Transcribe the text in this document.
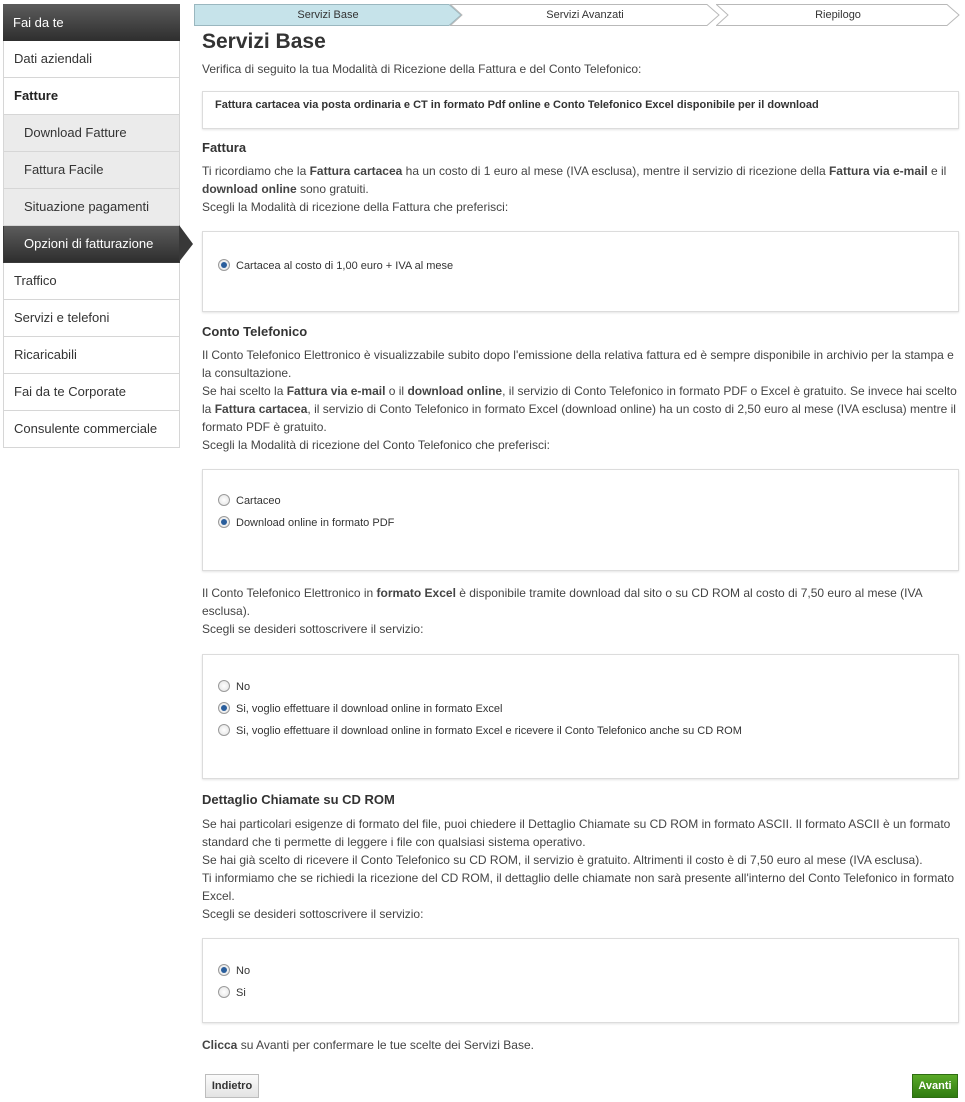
Fai da te
Dati aziendali
Fatture
Download Fatture
Fattura Facile
Situazione pagamenti
Opzioni di fatturazione
Traffico
Servizi e telefoni
Ricaricabili
Fai da te Corporate
Consulente commerciale
Servizi Base	Servizi Avanzati	Riepilogo
Servizi Base

Verifica di seguito la tua Modalità di Ricezione della Fattura e del Conto Telefonico:

Fattura cartacea via posta ordinaria e CT in formato Pdf online e Conto Telefonico Excel disponibile per il download
Fattura

Ti ricordiamo che la Fattura cartacea ha un costo di 1 euro al mese (IVA esclusa), mentre il servizio di ricezione della Fattura via e-mail e il download online sono gratuiti.

Scegli la Modalità di ricezione della Fattura che preferisci:

Cartacea al costo di 1,00 euro + IVA al mese
Conto Telefonico

Il Conto Telefonico Elettronico è visualizzabile subito dopo l'emissione della relativa fattura ed è sempre disponibile in archivio per la stampa e la consultazione.

Se hai scelto la Fattura via e-mail o il download online, il servizio di Conto Telefonico in formato PDF o Excel è gratuito. Se invece hai scelto la Fattura cartacea, il servizio di Conto Telefonico in formato Excel (download online) ha un costo di 2,50 euro al mese (IVA esclusa) mentre il formato PDF è gratuito.

Scegli la Modalità di ricezione del Conto Telefonico che preferisci:

Cartaceo
Download online in formato PDF

Il Conto Telefonico Elettronico in formato Excel è disponibile tramite download dal sito o su CD ROM al costo di 7,50 euro al mese (IVA esclusa).

Scegli se desideri sottoscrivere il servizio:

No
Si, voglio effettuare il download online in formato Excel
Si, voglio effettuare il download online in formato Excel e ricevere il Conto Telefonico anche su CD ROM
Dettaglio Chiamate su CD ROM

Se hai particolari esigenze di formato del file, puoi chiedere il Dettaglio Chiamate su CD ROM in formato ASCII. Il formato ASCII è un formato standard che ti permette di leggere i file con qualsiasi sistema operativo.

Se hai già scelto di ricevere il Conto Telefonico su CD ROM, il servizio è gratuito. Altrimenti il costo è di 7,50 euro al mese (IVA esclusa).

Ti informiamo che se richiedi la ricezione del CD ROM, il dettaglio delle chiamate non sarà presente all'interno del Conto Telefonico in formato Excel.

Scegli se desideri sottoscrivere il servizio:

No
Si

Clicca su Avanti per confermare le tue scelte dei Servizi Base.

Indietro	Avanti
